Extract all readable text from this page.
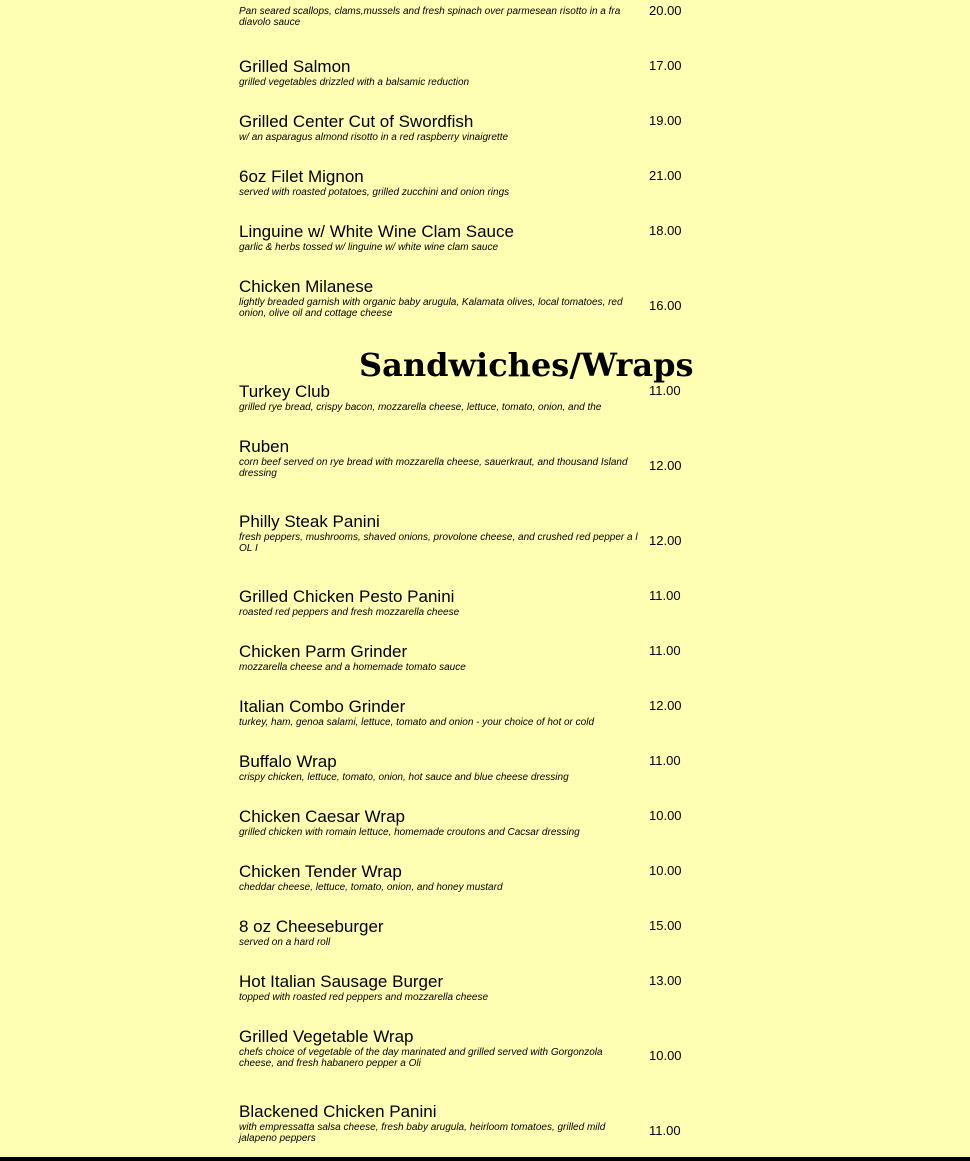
Pan seared scallops, clams,mussels and fresh spinach over parmesean risotto in a fra diavolo sauce
20.00
Grilled Salmon
grilled vegetables drizzled with a balsamic reduction
17.00
Grilled Center Cut of Swordfish
w/ an asparagus almond risotto in a red raspberry vinaigrette
19.00
6oz Filet Mignon
served with roasted potatoes, grilled zucchini and onion rings
21.00
Linguine w/ White Wine Clam Sauce
garlic & herbs tossed w/ linguine w/ white wine clam sauce
18.00
Chicken Milanese
lightly breaded garnish with organic baby arugula, Kalamata olives, local tomatoes, red onion, olive oil and cottage cheese
16.00
Sandwiches/Wraps
Turkey Club
grilled rye bread, crispy bacon, mozzarella cheese, lettuce, tomato, onion, and the
11.00
Ruben
corn beef served on rye bread with mozzarella cheese, sauerkraut, and thousand Island dressing
12.00
Philly Steak Panini
fresh peppers, mushrooms, shaved onions, provolone cheese, and crushed red pepper a l OL I
12.00
Grilled Chicken Pesto Panini
roasted red peppers and fresh mozzarella cheese
11.00
Chicken Parm Grinder
mozzarella cheese and a homemade tomato sauce
11.00
Italian Combo Grinder
turkey, ham, genoa salami, lettuce, tomato and onion - your choice of hot or cold
12.00
Buffalo Wrap
crispy chicken, lettuce, tomato, onion, hot sauce and blue cheese dressing
11.00
Chicken Caesar Wrap
grilled chicken with romain lettuce, homemade croutons and Cacsar dressing
10.00
Chicken Tender Wrap
cheddar cheese, lettuce, tomato, onion, and honey mustard
10.00
8 oz Cheeseburger
served on a hard roll
15.00
Hot Italian Sausage Burger
topped with roasted red peppers and mozzarella cheese
13.00
Grilled Vegetable Wrap
chefs choice of vegetable of the day marinated and grilled served with Gorgonzola cheese, and fresh habanero pepper a Oli
10.00
Blackened Chicken Panini
with empressatta salsa cheese, fresh baby arugula, heirloom tomatoes, grilled mild jalapeno peppers
11.00
